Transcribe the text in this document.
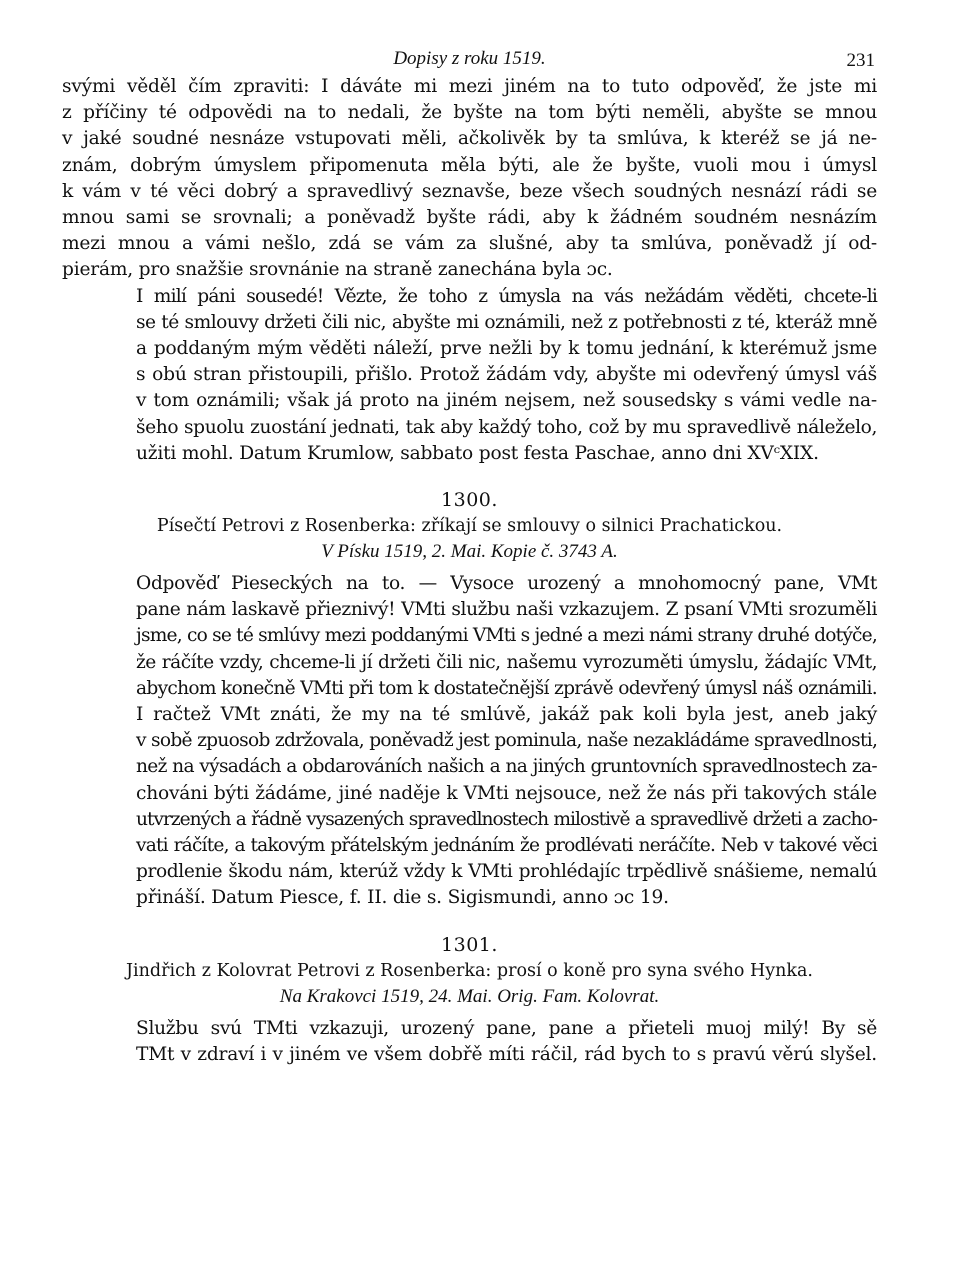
Dopisy z roku 1519.	231

svými věděl čím zpraviti: I dáváte mi mezi jiném na to tuto odpověď, že jste mi
z příčiny té odpovědi na to nedali, že byšte na tom býti neměli, abyšte se mnou
v jaké soudné nesnáze vstupovati měli, ačkolivěk by ta smlúva, k kteréž se já ne-
znám, dobrým úmyslem připomenuta měla býti, ale že byšte, vuoli mou i úmysl
k vám v té věci dobrý a spravedlivý seznavše, beze všech soudných nesnází rádi se
mnou sami se srovnali; a poněvadž byšte rádi, aby k žádném soudném nesnázím
mezi mnou a vámi nešlo, zdá se vám za slušné, aby ta smlúva, poněvadž jí od-
pierám, pro snažšie srovnánie na straně zanechána byla ɔc.

I milí páni sousedé! Vězte, že toho z úmysla na vás nežádám věděti, chcete-li
se té smlouvy držeti čili nic, abyšte mi oznámili, než z potřebnosti z té, kteráž mně
a poddaným mým věděti náleží, prve nežli by k tomu jednání, k kterémuž jsme
s obú stran přistoupili, přišlo. Protož žádám vdy, abyšte mi odevřený úmysl váš
v tom oznámili; však já proto na jiném nejsem, než sousedsky s vámi vedle na-
šeho spuolu zuostání jednati, tak aby každý toho, což by mu spravedlivě náleželo,
užiti mohl. Datum Krumlow, sabbato post festa Paschae, anno dni XVᶜXIX.

1300.
Písečtí Petrovi z Rosenberka: zříkají se smlouvy o silnici Prachatickou.
V Písku 1519, 2. Mai. Kopie č. 3743 A.

Odpověď Pieseckých na to. — Vysoce urozený a mnohomocný pane, VMt
pane nám laskavě přieznivý! VMti službu naši vzkazujem. Z psaní VMti srozuměli
jsme, co se té smlúvy mezi poddanými VMti s jedné a mezi námi strany druhé dotýče,
že ráčíte vzdy, chceme-li jí držeti čili nic, našemu vyrozuměti úmyslu, žádajíc VMt,
abychom konečně VMti při tom k dostatečnější zprávě odevřený úmysl náš oznámili.
I račtež VMt znáti, že my na té smlúvě, jakáž pak koli byla jest, aneb jaký
v sobě zpuosob zdržovala, poněvadž jest pominula, naše nezakládáme spravedlnosti,
než na výsadách a obdarováních našich a na jiných gruntovních spravedlnostech za-
chováni býti žádáme, jiné naděje k VMti nejsouce, než že nás při takových stále
utvrzených a řádně vysazených spravedlnostech milostivě a spravedlivě držeti a zacho-
vati ráčíte, a takovým přátelským jednáním že prodlévati neráčíte. Neb v takové věci
prodlenie škodu nám, kterúž vždy k VMti prohlédajíc trpědlivě snášieme, nemalú
přináší. Datum Piesce, f. II. die s. Sigismundi, anno ɔc 19.

1301.
Jindřich z Kolovrat Petrovi z Rosenberka: prosí o koně pro syna svého Hynka.
Na Krakovci 1519, 24. Mai. Orig. Fam. Kolovrat.

Službu svú TMti vzkazuji, urozený pane, pane a přieteli muoj milý! By sě
TMt v zdraví i v jiném ve všem dobřě míti ráčil, rád bych to s pravú věrú slyšel.
